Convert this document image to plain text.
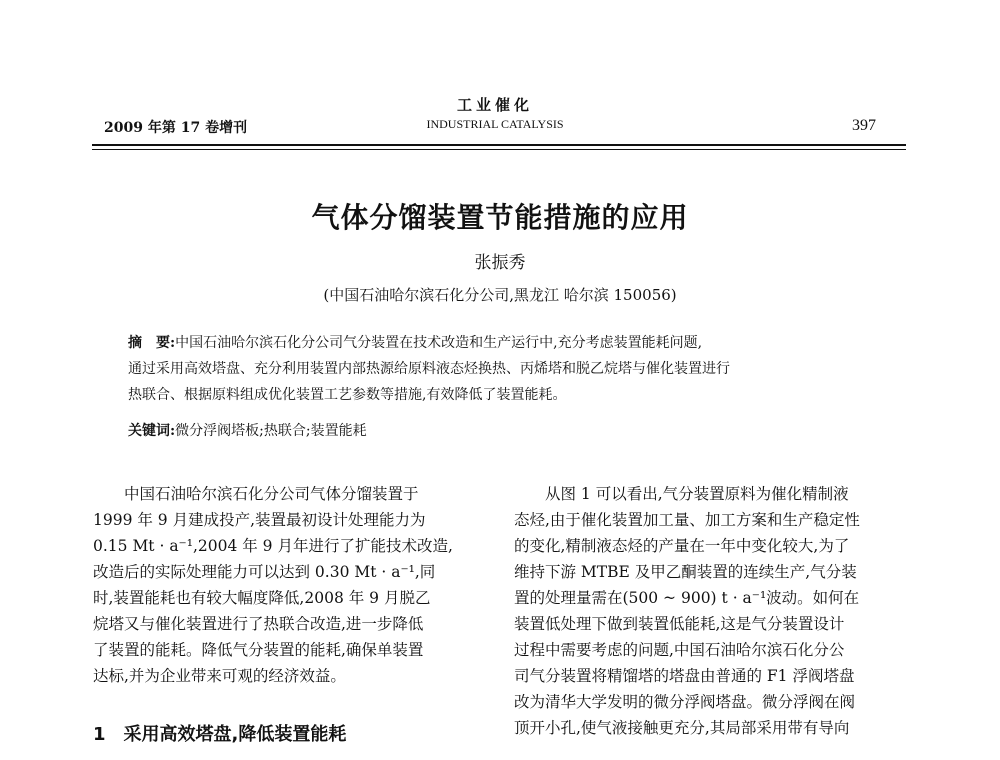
2009 年第 17 卷增刊
工业催化
INDUSTRIAL CATALYSIS	397
气体分馏装置节能措施的应用
张振秀
(中国石油哈尔滨石化分公司,黑龙江 哈尔滨 150056)
摘　要:中国石油哈尔滨石化分公司气分装置在技术改造和生产运行中,充分考虑装置能耗问题,
通过采用高效塔盘、充分利用装置内部热源给原料液态烃换热、丙烯塔和脱乙烷塔与催化装置进行
热联合、根据原料组成优化装置工艺参数等措施,有效降低了装置能耗。
关键词:微分浮阀塔板;热联合;装置能耗
　　中国石油哈尔滨石化分公司气体分馏装置于
1999 年 9 月建成投产,装置最初设计处理能力为
0.15 Mt · a⁻¹,2004 年 9 月年进行了扩能技术改造,
改造后的实际处理能力可以达到 0.30 Mt · a⁻¹,同
时,装置能耗也有较大幅度降低,2008 年 9 月脱乙
烷塔又与催化装置进行了热联合改造,进一步降低
了装置的能耗。降低气分装置的能耗,确保单装置
达标,并为企业带来可观的经济效益。
1 采用高效塔盘,降低装置能耗
　　从图 1 可以看出,气分装置原料为催化精制液
态烃,由于催化装置加工量、加工方案和生产稳定性
的变化,精制液态烃的产量在一年中变化较大,为了
维持下游 MTBE 及甲乙酮装置的连续生产,气分装
置的处理量需在(500 ~ 900) t · a⁻¹波动。如何在
装置低处理下做到装置低能耗,这是气分装置设计
过程中需要考虑的问题,中国石油哈尔滨石化分公
司气分装置将精馏塔的塔盘由普通的 F1 浮阀塔盘
改为清华大学发明的微分浮阀塔盘。微分浮阀在阀
顶开小孔,使气液接触更充分,其局部采用带有导向
